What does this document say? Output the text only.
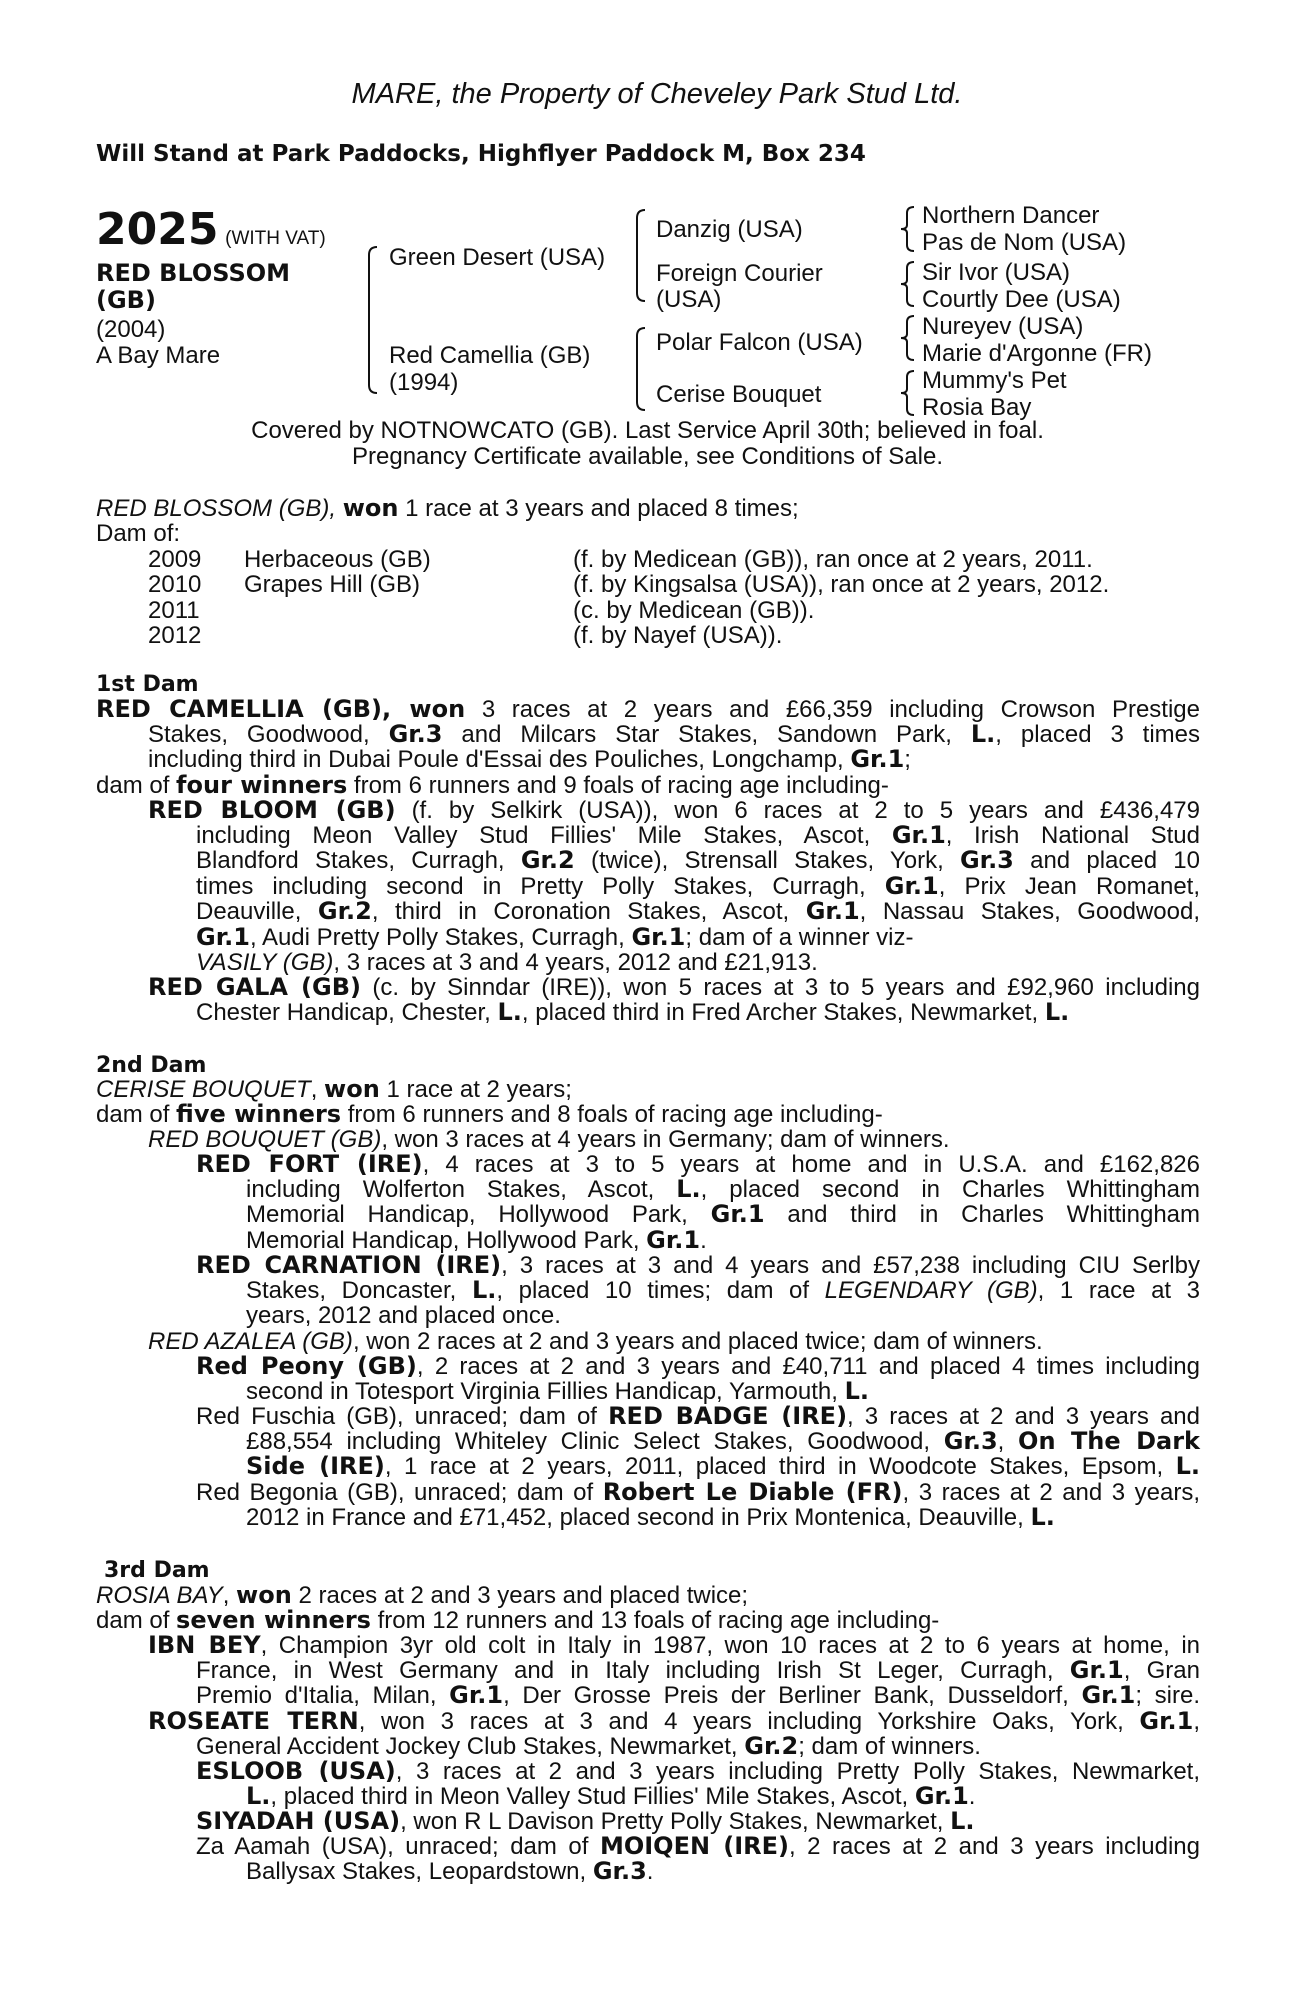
MARE, the Property of Cheveley Park Stud Ltd.
Will Stand at Park Paddocks, Highflyer Paddock M, Box 234
2025 (WITH VAT)
RED BLOSSOM
(GB)
(2004)
A Bay Mare
Green Desert (USA)
Red Camellia (GB)
(1994)
Danzig (USA)
Foreign Courier
(USA)
Polar Falcon (USA)
Cerise Bouquet
Northern Dancer
Pas de Nom (USA)
Sir Ivor (USA)
Courtly Dee (USA)
Nureyev (USA)
Marie d'Argonne (FR)
Mummy's Pet
Rosia Bay
Covered by NOTNOWCATO (GB). Last Service April 30th; believed in foal.
Pregnancy Certificate available, see Conditions of Sale.
RED BLOSSOM (GB), won 1 race at 3 years and placed 8 times;
Dam of:
2009	Herbaceous (GB)	(f. by Medicean (GB)), ran once at 2 years, 2011.
2010	Grapes Hill (GB)	(f. by Kingsalsa (USA)), ran once at 2 years, 2012.
2011		(c. by Medicean (GB)).
2012		(f. by Nayef (USA)).
1st Dam
RED CAMELLIA (GB), won 3 races at 2 years and £66,359 including Crowson Prestige
Stakes, Goodwood, Gr.3 and Milcars Star Stakes, Sandown Park, L., placed 3 times
including third in Dubai Poule d'Essai des Pouliches, Longchamp, Gr.1;
dam of four winners from 6 runners and 9 foals of racing age including-
RED BLOOM (GB) (f. by Selkirk (USA)), won 6 races at 2 to 5 years and £436,479
including Meon Valley Stud Fillies' Mile Stakes, Ascot, Gr.1, Irish National Stud
Blandford Stakes, Curragh, Gr.2 (twice), Strensall Stakes, York, Gr.3 and placed 10
times including second in Pretty Polly Stakes, Curragh, Gr.1, Prix Jean Romanet,
Deauville, Gr.2, third in Coronation Stakes, Ascot, Gr.1, Nassau Stakes, Goodwood,
Gr.1, Audi Pretty Polly Stakes, Curragh, Gr.1; dam of a winner viz-
VASILY (GB), 3 races at 3 and 4 years, 2012 and £21,913.
RED GALA (GB) (c. by Sinndar (IRE)), won 5 races at 3 to 5 years and £92,960 including
Chester Handicap, Chester, L., placed third in Fred Archer Stakes, Newmarket, L.
2nd Dam
CERISE BOUQUET, won 1 race at 2 years;
dam of five winners from 6 runners and 8 foals of racing age including-
RED BOUQUET (GB), won 3 races at 4 years in Germany; dam of winners.
RED FORT (IRE), 4 races at 3 to 5 years at home and in U.S.A. and £162,826
including Wolferton Stakes, Ascot, L., placed second in Charles Whittingham
Memorial Handicap, Hollywood Park, Gr.1 and third in Charles Whittingham
Memorial Handicap, Hollywood Park, Gr.1.
RED CARNATION (IRE), 3 races at 3 and 4 years and £57,238 including CIU Serlby
Stakes, Doncaster, L., placed 10 times; dam of LEGENDARY (GB), 1 race at 3
years, 2012 and placed once.
RED AZALEA (GB), won 2 races at 2 and 3 years and placed twice; dam of winners.
Red Peony (GB), 2 races at 2 and 3 years and £40,711 and placed 4 times including
second in Totesport Virginia Fillies Handicap, Yarmouth, L.
Red Fuschia (GB), unraced; dam of RED BADGE (IRE), 3 races at 2 and 3 years and
£88,554 including Whiteley Clinic Select Stakes, Goodwood, Gr.3, On The Dark
Side (IRE), 1 race at 2 years, 2011, placed third in Woodcote Stakes, Epsom, L.
Red Begonia (GB), unraced; dam of Robert Le Diable (FR), 3 races at 2 and 3 years,
2012 in France and £71,452, placed second in Prix Montenica, Deauville, L.
3rd Dam
ROSIA BAY, won 2 races at 2 and 3 years and placed twice;
dam of seven winners from 12 runners and 13 foals of racing age including-
IBN BEY, Champion 3yr old colt in Italy in 1987, won 10 races at 2 to 6 years at home, in
France, in West Germany and in Italy including Irish St Leger, Curragh, Gr.1, Gran
Premio d'Italia, Milan, Gr.1, Der Grosse Preis der Berliner Bank, Dusseldorf, Gr.1; sire.
ROSEATE TERN, won 3 races at 3 and 4 years including Yorkshire Oaks, York, Gr.1,
General Accident Jockey Club Stakes, Newmarket, Gr.2; dam of winners.
ESLOOB (USA), 3 races at 2 and 3 years including Pretty Polly Stakes, Newmarket,
L., placed third in Meon Valley Stud Fillies' Mile Stakes, Ascot, Gr.1.
SIYADAH (USA), won R L Davison Pretty Polly Stakes, Newmarket, L.
Za Aamah (USA), unraced; dam of MOIQEN (IRE), 2 races at 2 and 3 years including
Ballysax Stakes, Leopardstown, Gr.3.
